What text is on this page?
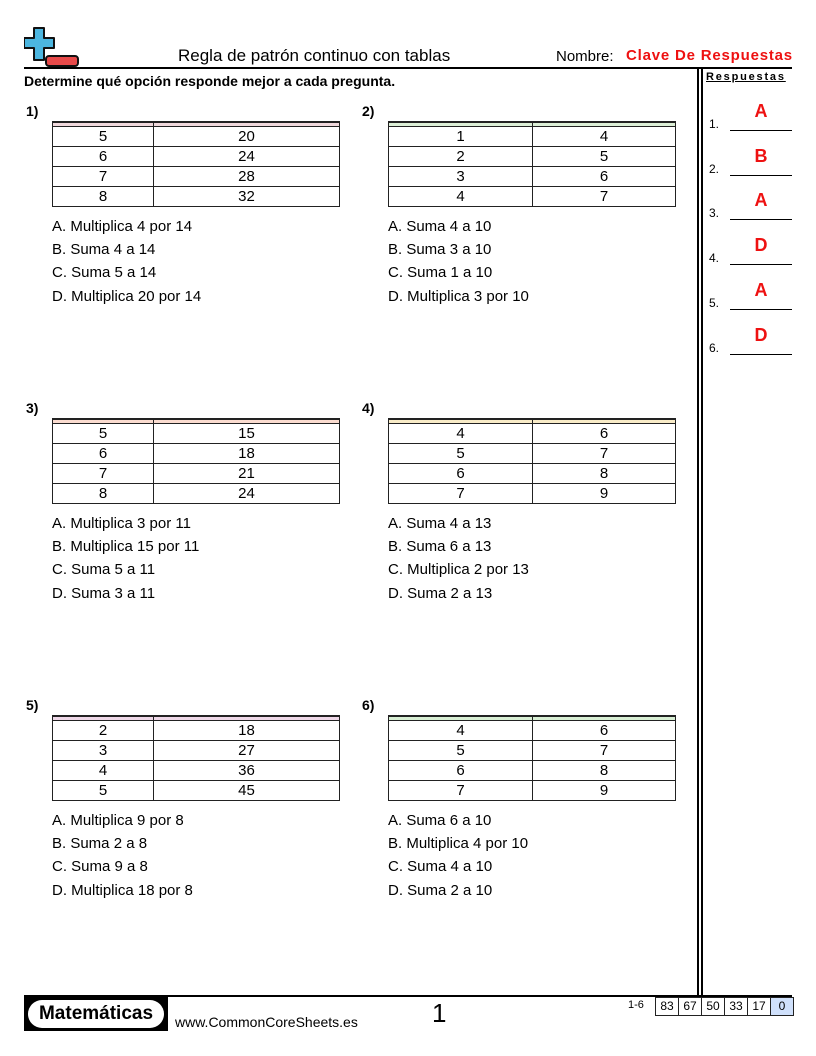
Regla de patrón continuo con tablas	Nombre: Clave De Respuestas
Determine qué opción responde mejor a cada pregunta.
1)

5	20
6	24
7	28
8	32
A. Multiplica 4 por 14
B. Suma 4 a 14
C. Suma 5 a 14
D. Multiplica 20 por 14
2)

1	4
2	5
3	6
4	7
A. Suma 4 a 10
B. Suma 3 a 10
C. Suma 1 a 10
D. Multiplica 3 por 10
3)

5	15
6	18
7	21
8	24
A. Multiplica 3 por 11
B. Multiplica 15 por 11
C. Suma 5 a 11
D. Suma 3 a 11
4)

4	6
5	7
6	8
7	9
A. Suma 4 a 13
B. Suma 6 a 13
C. Multiplica 2 por 13
D. Suma 2 a 13
5)

2	18
3	27
4	36
5	45
A. Multiplica 9 por 8
B. Suma 2 a 8
C. Suma 9 a 8
D. Multiplica 18 por 8
6)

4	6
5	7
6	8
7	9
A. Suma 6 a 10
B. Multiplica 4 por 10
C. Suma 4 a 10
D. Suma 2 a 10
Respuestas
1.
A
2.
B
3.
A
4.
D
5.
A
6.
D
Matemáticas	www.CommonCoreSheets.es	1	1-6	83 67 50 33 17	0
